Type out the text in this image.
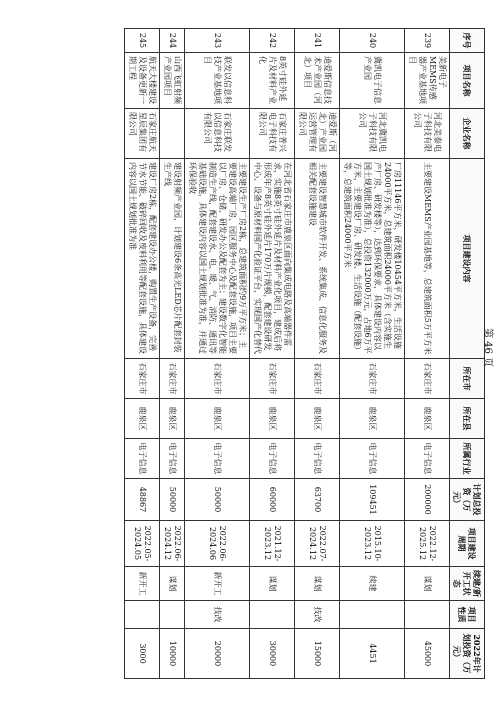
序号	项目名称	企业名称	项目建设内容	所在市	所在县	所属行业	计划总投资（万元）	项目建设周期	续建/新开工状态	项目性质	2022年计划投资（万元）
239	美新电子MEMS传感器产业基地项目	河北美泰电子科技有限公司	主要建设MEMS产业园基地等，总建筑面积5万平方米	石家庄市	鹿泉区	电子信息	200000	2022.12-2025.12	谋划		45000
240	冀凯电子信息产业园	河北冀凯电子科技有限公司	厂房11146平方米，研发楼10454平方米，生活设施24000平方米，总建筑面积24000平方米（含实施生产厂房、研发楼等），达到环保要求，具体建设内容以国土规划批准为准），总投资132000万元，占地6万平方米，主要建设厂房、研发楼、生活设施（配套设施）等，总建筑面积24000平方米	石家庄市	鹿泉区	电子信息	109451	2015.10-2023.12	续建		4451
241	迪爱斯信息技术产业园（河北）项目	迪爱斯（河北）产业园运营管理有限公司	主要建设智慧城市软件开发、系统集成、信息化服务及相关配套设施建设	石家庄市	鹿泉区	电子信息	63700	2022.07-2024.12	谋划	技改	15000
242	8英寸硅外延片及材料产业化	石家庄普兴电子科技有限公司	在河北省石家庄市鹿泉区面向集成电路及高端器件需求，实施8英寸硅外延片及材料产业化项目，建成后将形成年产8英寸硅外延片170万片规模，配套建设研发中心、设备与原材料国产化验证平台，实现国产化替代	石家庄市	鹿泉区	电子信息	60000	2021.12-2023.12	谋划		30000
243	联发以信息科技产业基地项目	石家庄联发以信息科技有限公司	主要建设生产厂房2栋，总建筑面积约9万平方米；主要建设高端厂房、园区服务中心及配套设施，项目主要以厂房、仓储、研发办公及配套为主；建设数字化智能制造生产线，配套建设水、电、暖、气、消防、通讯等基础设施，具体建设内容以国土规划批准为准，并通过环保验收	石家庄市	鹿泉区	电子信息	50000	2022.06-2024.06	新开工	技改	20000
244	山西飞虹射频产业园项目		建设射频产业园，计划建设6条高光LED芯片配套封装生产线	石家庄市	鹿泉区	电子信息	50000	2022.06-2024.12	谋划		10000
245	航天大楼建设及设备更新一期工程	石家庄航天星辰集团有限公司	建设厂房2栋，配套建设办公楼，购置生产设备，完善节水节能、破碎回收及废料利用等配套设施，具体建设内容以国土规划批准为准	石家庄市	鹿泉区	电子信息	48867	2022.05-2024.05	新开工		3000
第 46 页
